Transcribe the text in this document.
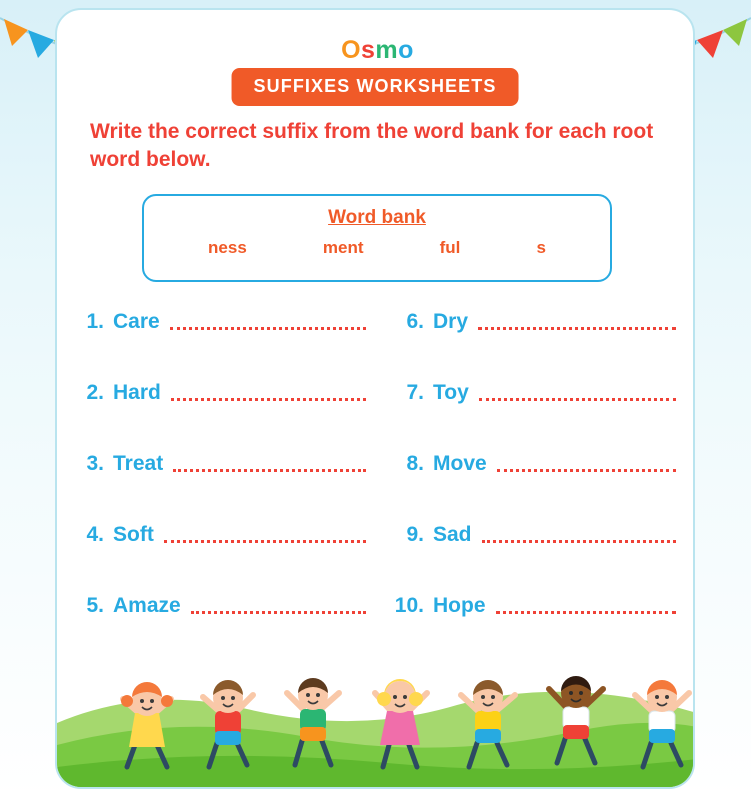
Osmo
SUFFIXES WORKSHEETS
Write the correct suffix from the word bank for each root word below.
Word bank
ness	ment	ful	s
1. Care	6. Dry
2. Hard	7. Toy
3. Treat	8. Move
4. Soft	9. Sad
5. Amaze	10. Hope
